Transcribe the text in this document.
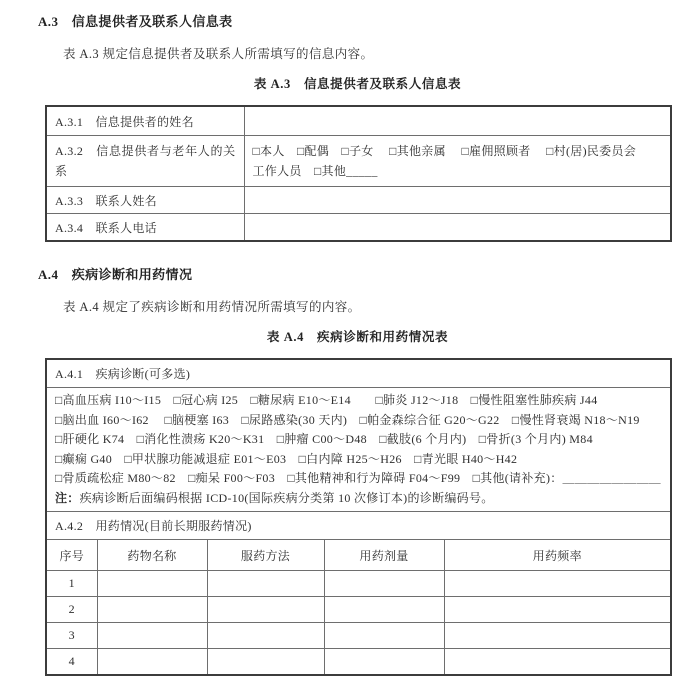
A.3　信息提供者及联系人信息表
表 A.3 规定信息提供者及联系人所需填写的信息内容。
表 A.3　信息提供者及联系人信息表
A.3.1　信息提供者的姓名	
A.3.2　信息提供者与老年人的关系	□本人　□配偶　□子女　 □其他亲属　 □雇佣照顾者　 □村(居)民委员会
工作人员　□其他_____

A.3.3　联系人姓名	
A.3.4　联系人电话	
A.4　疾病诊断和用药情况
表 A.4 规定了疾病诊断和用药情况所需填写的内容。
表 A.4　疾病诊断和用药情况表
A.4.1　疾病诊断(可多选)				

□高血压病 I10～I15　□冠心病 I25　□糖尿病 E10～E14　　□肺炎 J12～J18　□慢性阻塞性肺疾病 J44
□脑出血 I60～I62　 □脑梗塞 I63　□尿路感染(30 天内)　□帕金森综合征 G20～G22　□慢性肾衰竭 N18～N19
□肝硬化 K74　□消化性溃疡 K20～K31　□肿瘤 C00～D48　□截肢(6 个月内)　□骨折(3 个月内) M84
□癫痫 G40　□甲状腺功能减退症 E01～E03　□白内障 H25～H26　□青光眼 H40～H42
□骨质疏松症 M80～82　□痴呆 F00～F03　□其他精神和行为障碍 F04～F99　□其他(请补充)：＿＿＿＿＿＿＿＿
注：疾病诊断后面编码根据 ICD-10(国际疾病分类第 10 次修订本)的诊断编码号。

A.4.2　用药情况(目前长期服药情况)				
序号	药物名称	服药方法	用药剂量	用药频率
1				
2				
3				
4				
